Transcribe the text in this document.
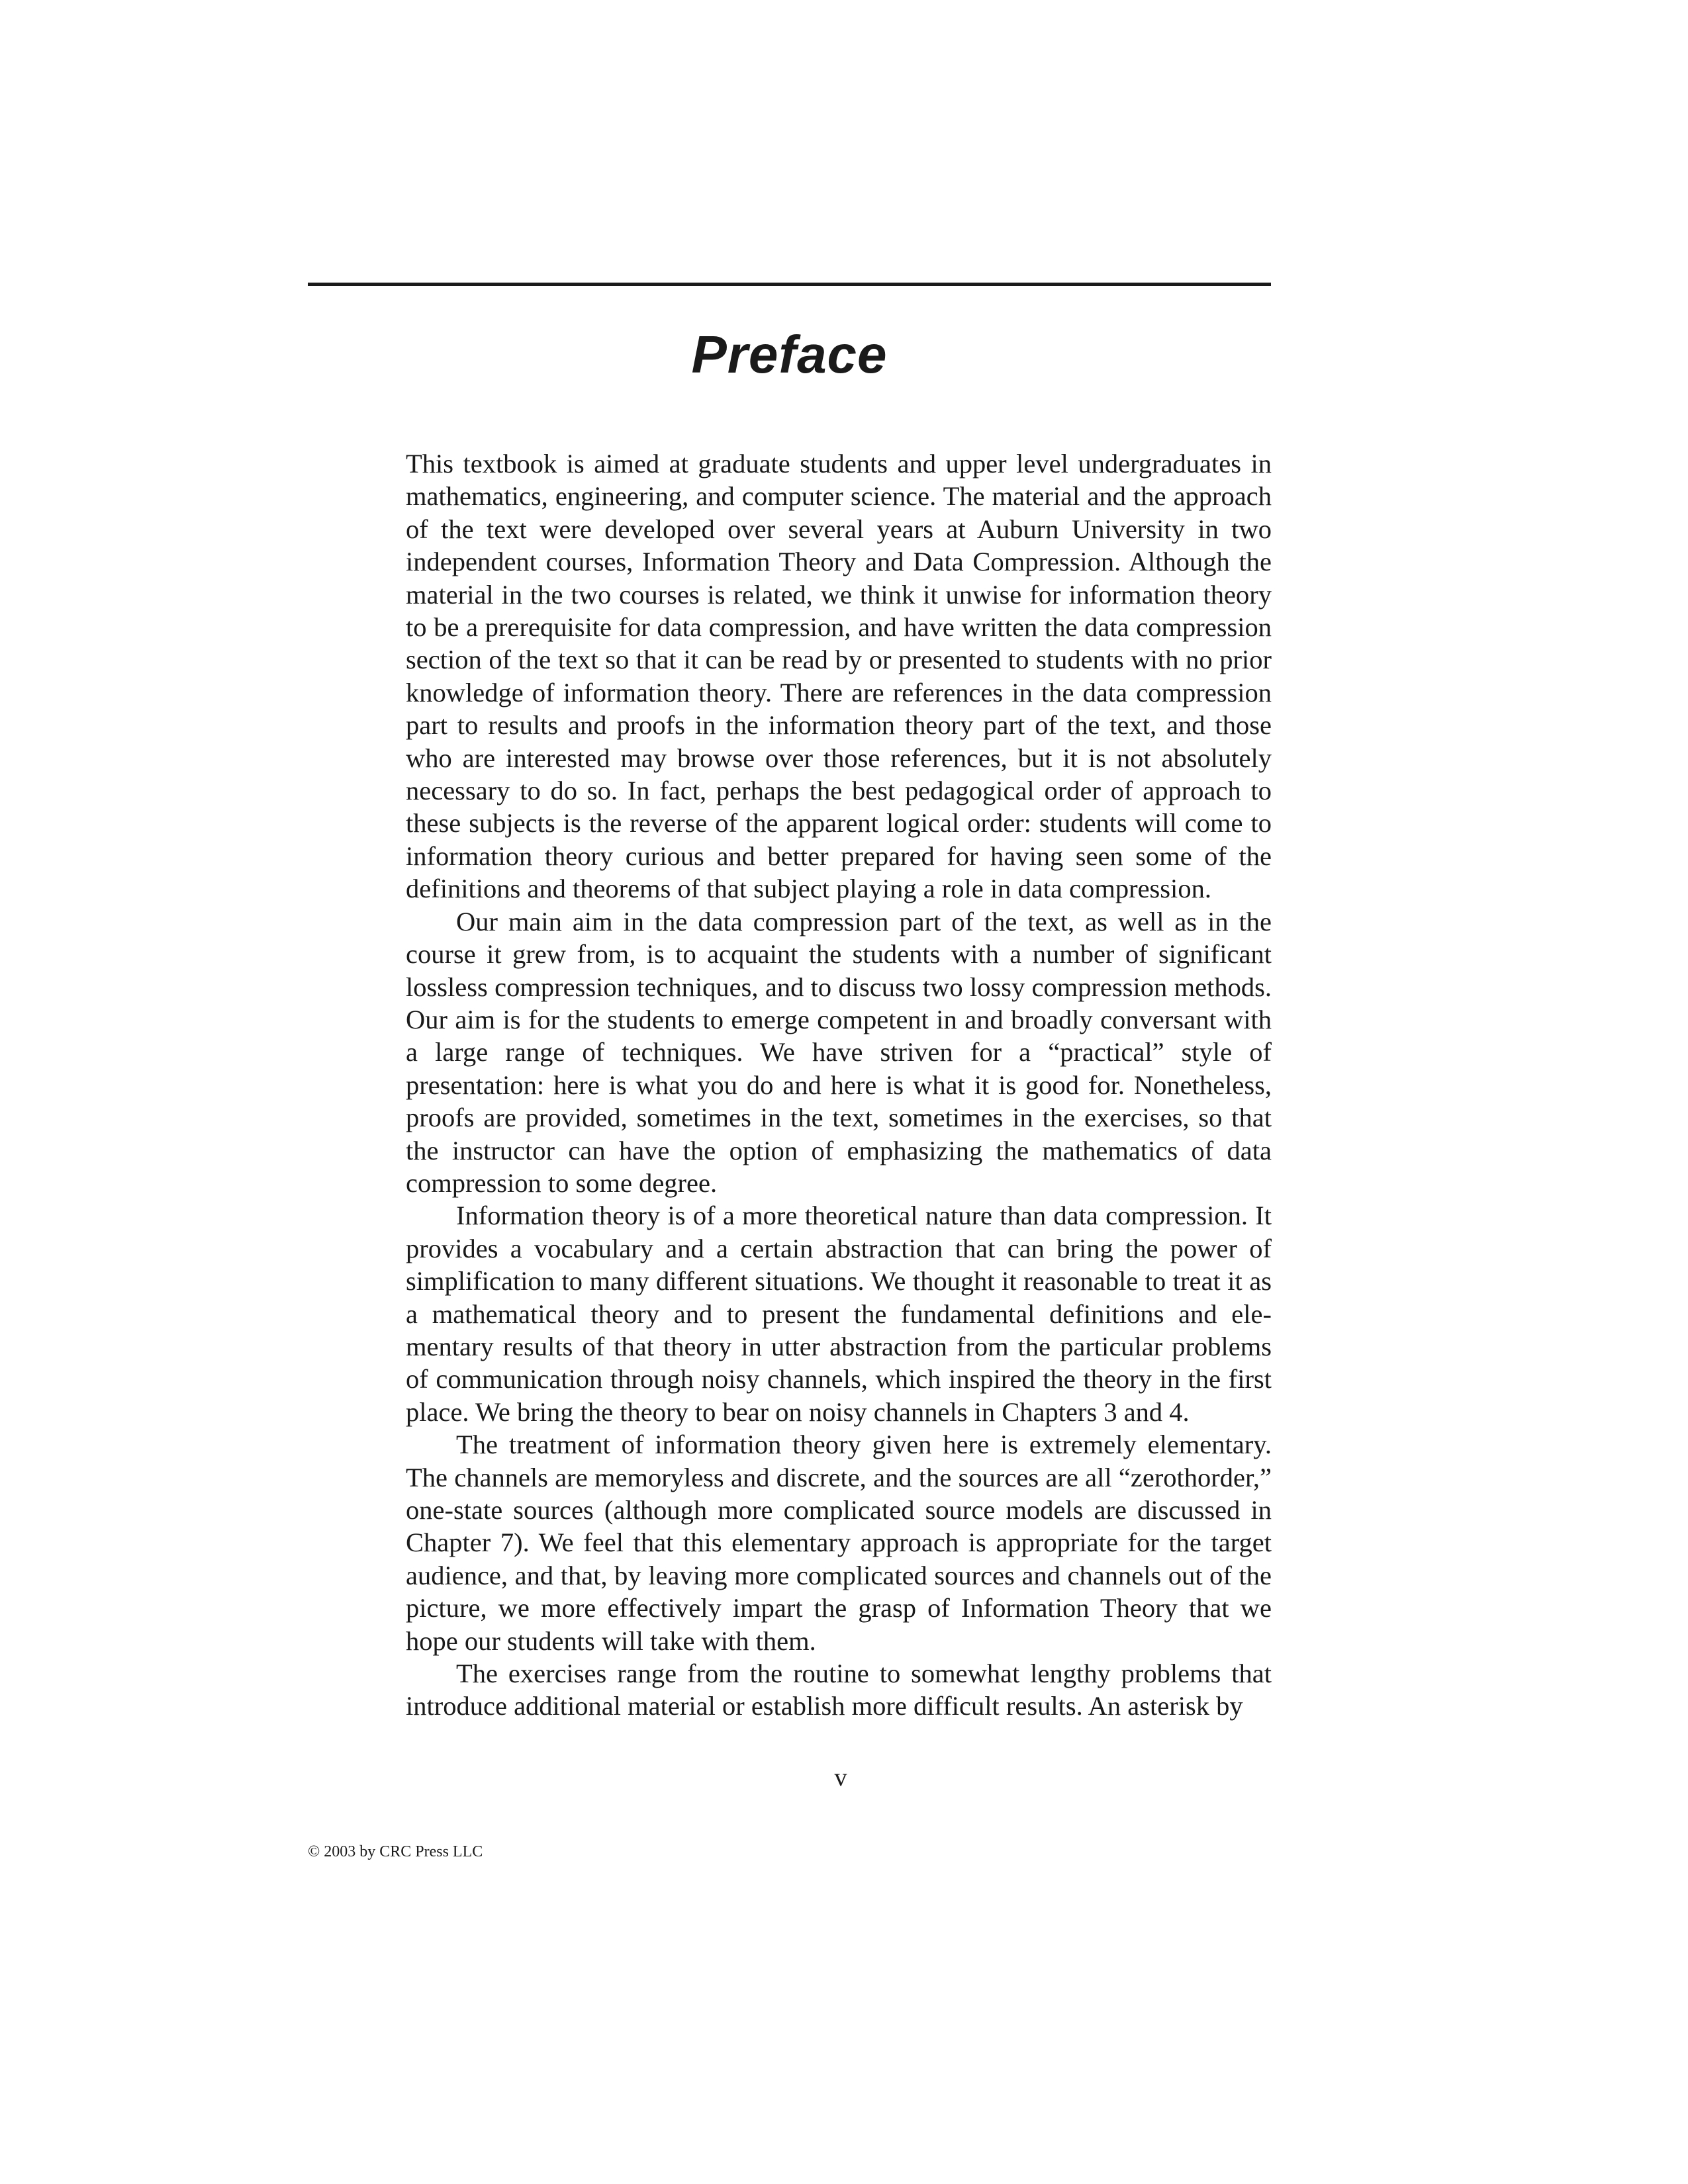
Preface

This textbook is aimed at graduate students and upper level undergraduates in mathematics, engineering, and computer science. The material and the approach of the text were developed over several years at Auburn University in two independent courses, Information Theory and Data Compression. Although the material in the two courses is related, we think it unwise for information theory to be a prerequisite for data compression, and have written the data compression section of the text so that it can be read by or presented to students with no prior knowledge of information theory. There are references in the data compression part to results and proofs in the information theory part of the text, and those who are interested may browse over those references, but it is not absolutely necessary to do so. In fact, perhaps the best pedagogical order of approach to these subjects is the reverse of the apparent logical order: students will come to information theory curious and better prepared for having seen some of the definitions and theorems of that subject playing a role in data compression.

Our main aim in the data compression part of the text, as well as in the course it grew from, is to acquaint the students with a number of significant lossless compression techniques, and to discuss two lossy compression methods. Our aim is for the students to emerge competent in and broadly conversant with a large range of techniques. We have striven for a “practical” style of presentation: here is what you do and here is what it is good for. Nonetheless, proofs are provided, sometimes in the text, sometimes in the exercises, so that the instructor can have the option of emphasizing the mathematics of data compression to some degree.

Information theory is of a more theoretical nature than data compression. It provides a vocabulary and a certain abstraction that can bring the power of simplification to many different situations. We thought it reasonable to treat it as a mathematical theory and to present the fundamental definitions and elementary results of that theory in utter abstraction from the particular problems of communication through noisy channels, which inspired the theory in the first place. We bring the theory to bear on noisy channels in Chapters 3 and 4.

The treatment of information theory given here is extremely elementary. The channels are memoryless and discrete, and the sources are all “zerothorder,” one-state sources (although more complicated source models are discussed in Chapter 7). We feel that this elementary approach is appropriate for the target audience, and that, by leaving more complicated sources and channels out of the picture, we more effectively impart the grasp of Information Theory that we hope our students will take with them.

The exercises range from the routine to somewhat lengthy problems that introduce additional material or establish more difficult results. An asterisk by

v
© 2003 by CRC Press LLC
